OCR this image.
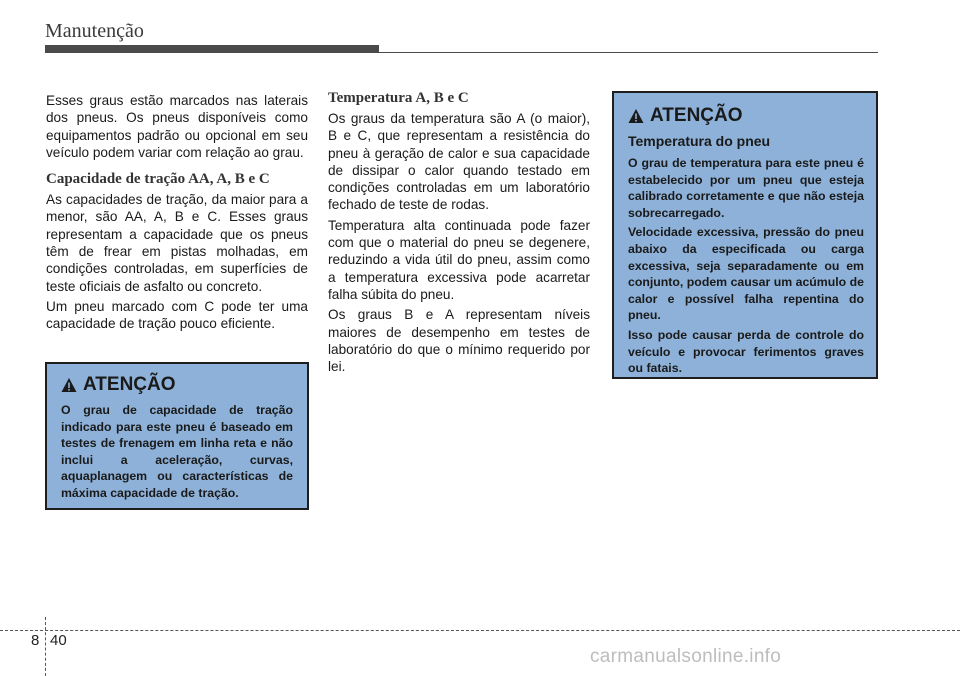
Manutenção

Esses graus estão marcados nas laterais dos pneus. Os pneus disponíveis como equipamentos padrão ou opcional em seu veículo podem variar com relação ao grau.

Capacidade de tração AA, A, B e C

As capacidades de tração, da maior para a menor, são AA, A, B e C. Esses graus representam a capacidade que os pneus têm de frear em pistas molhadas, em condições controladas, em superfícies de teste oficiais de asfalto ou concreto.

Um pneu marcado com C pode ter uma capacidade de tração pouco eficiente.

ATENÇÃO

O grau de capacidade de tração indicado para este pneu é baseado em testes de frenagem em linha reta e não inclui a aceleração, curvas, aquaplanagem ou características de máxima capacidade de tração.

Temperatura A, B e C

Os graus da temperatura são A (o maior), B e C, que representam a resistência do pneu à geração de calor e sua capacidade de dissipar o calor quando testado em condições controladas em um laboratório fechado de teste de rodas.

Temperatura alta continuada pode fazer com que o material do pneu se degenere, reduzindo a vida útil do pneu, assim como a temperatura excessiva pode acarretar falha súbita do pneu.

Os graus B e A representam níveis maiores de desempenho em testes de laboratório do que o mínimo requerido por lei.

ATENÇÃO
Temperatura do pneu

O grau de temperatura para este pneu é estabelecido por um pneu que esteja calibrado corretamente e que não esteja sobrecarregado.

Velocidade excessiva, pressão do pneu abaixo da especificada ou carga excessiva, seja separadamente ou em conjunto, podem causar um acúmulo de calor e possível falha repentina do pneu.

Isso pode causar perda de controle do veículo e provocar ferimentos graves ou fatais.

8 40
carmanualsonline.info
